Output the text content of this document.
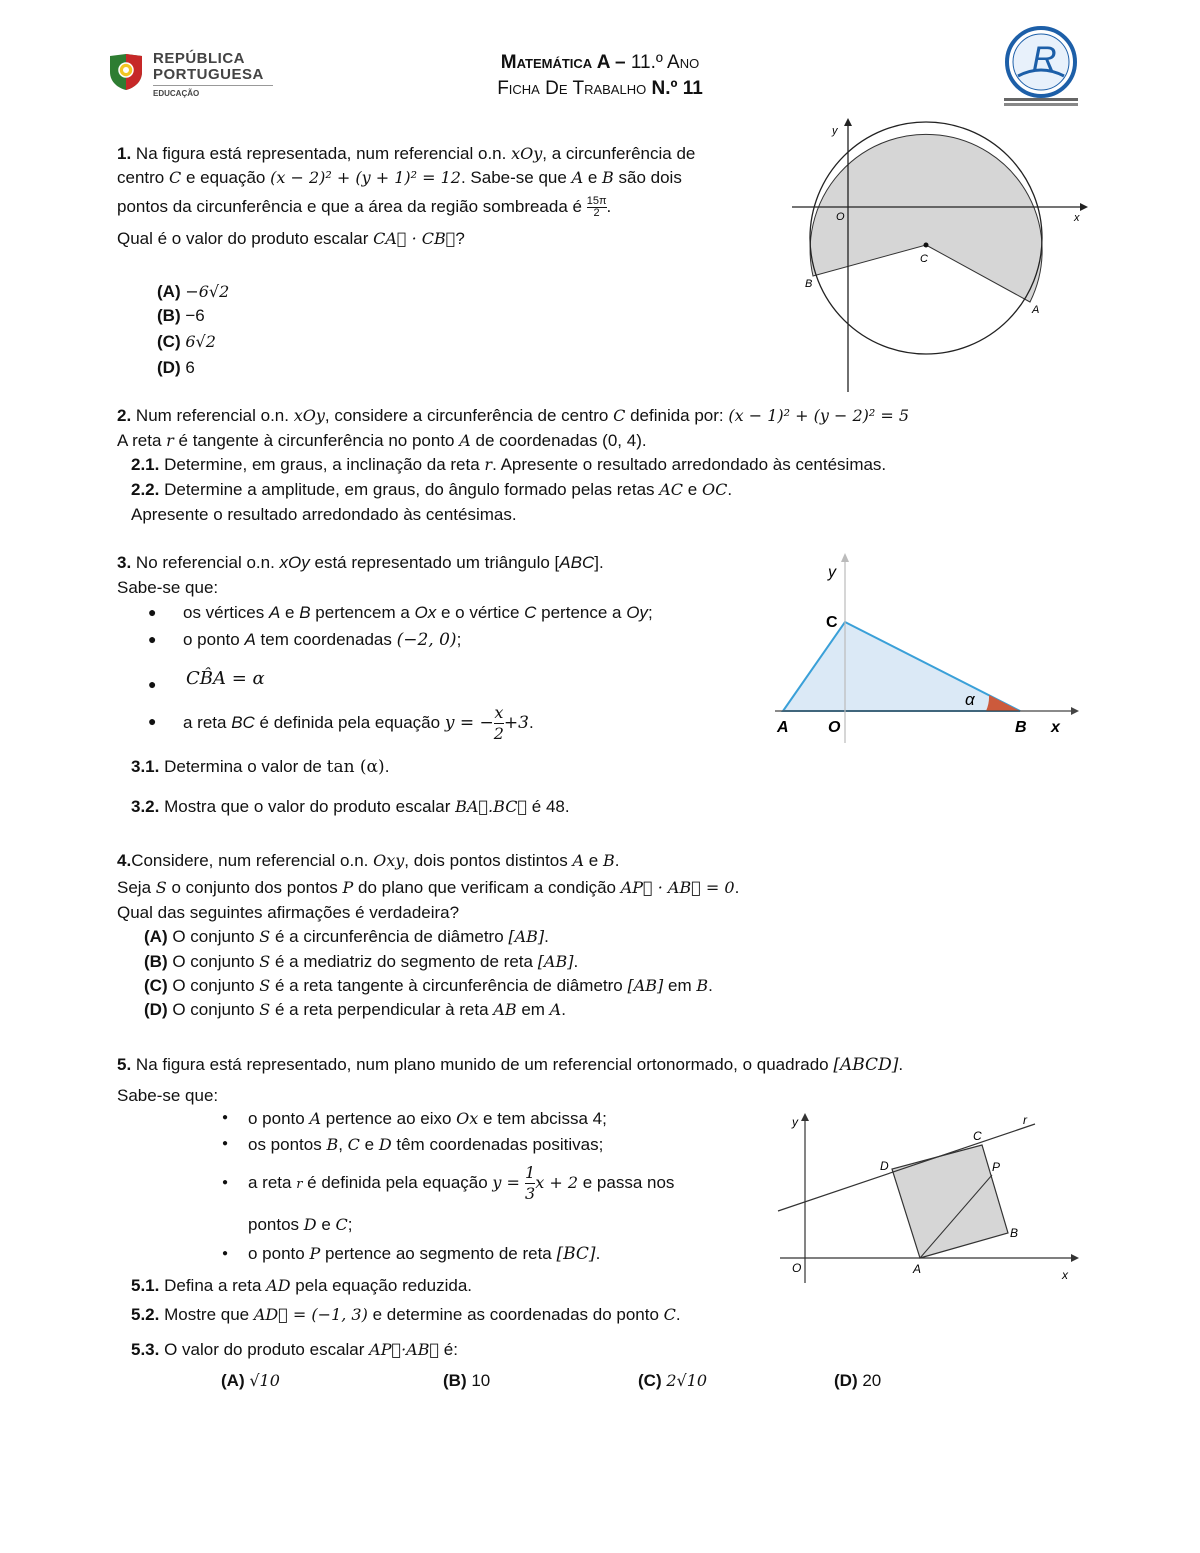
REPÚBLICA
PORTUGUESA
EDUCAÇÃO
Matemática A – 11.º Ano
Ficha De Trabalho N.º 11
R
1. Na figura está representada, num referencial o.n. xOy, a circunferência de
centro C e equação (x − 2)² + (y + 1)² = 12. Sabe-se que A e B são dois
pontos da circunferência e que a área da região sombreada é $\frac{15\pi}{2}$ .
Qual é o valor do produto escalar CA⃗ · CB⃗?
(A) −6√2
(B) −6
(C) 6√2
(D) 6
y
x
O
C
B
A
2. Num referencial o.n. xOy, considere a circunferência de centro C definida por: (x − 1)² + (y − 2)² = 5
A reta r é tangente à circunferência no ponto A de coordenadas (0, 4).
2.1. Determine, em graus, a inclinação da reta r. Apresente o resultado arredondado às centésimas.
2.2. Determine a amplitude, em graus, do ângulo formado pelas retas AC e OC.
Apresente o resultado arredondado às centésimas.
3. No referencial o.n. xOy está representado um triângulo [ABC].
Sabe-se que:
● os vértices A e B pertencem a Ox e o vértice C pertence a Oy;
● o ponto A tem coordenadas (−2, 0);
● CB̂A = α
● a reta BC é definida pela equação y = − $\frac{x}{2} +3$.
3.1. Determina o valor de tan (α).
3.2. Mostra que o valor do produto escalar BA⃗.BC⃗ é 48.
y
C
A O	B x
α
4.Considere, num referencial o.n. Oxy, dois pontos distintos A e B.
Seja S o conjunto dos pontos P do plano que verificam a condição AP⃗ · AB⃗ = 0.
Qual das seguintes afirmações é verdadeira?
(A) O conjunto S é a circunferência de diâmetro [AB].
(B) O conjunto S é a mediatriz do segmento de reta [AB].
(C) O conjunto S é a reta tangente à circunferência de diâmetro [AB] em B.
(D) O conjunto S é a reta perpendicular à reta AB em A.
5. Na figura está representado, num plano munido de um referencial ortonormado, o quadrado [ABCD].
Sabe-se que:
● o ponto A pertence ao eixo Ox e tem abcissa 4;
● os pontos B, C e D têm coordenadas positivas;
● a reta r é definida pela equação $y = \frac{1}{3}$ x + 2 e passa nos
pontos D e C;
● o ponto P pertence ao segmento de reta [BC].
5.1. Defina a reta AD pela equação reduzida.
5.2. Mostre que AD⃗ = (−1, 3) e determine as coordenadas do ponto C.
5.3. O valor do produto escalar AP⃗·AB⃗ é:
(A) √10	(B) 10	(C) 2√10	(D) 20
y	r
C
D	P
B
O	A	x
